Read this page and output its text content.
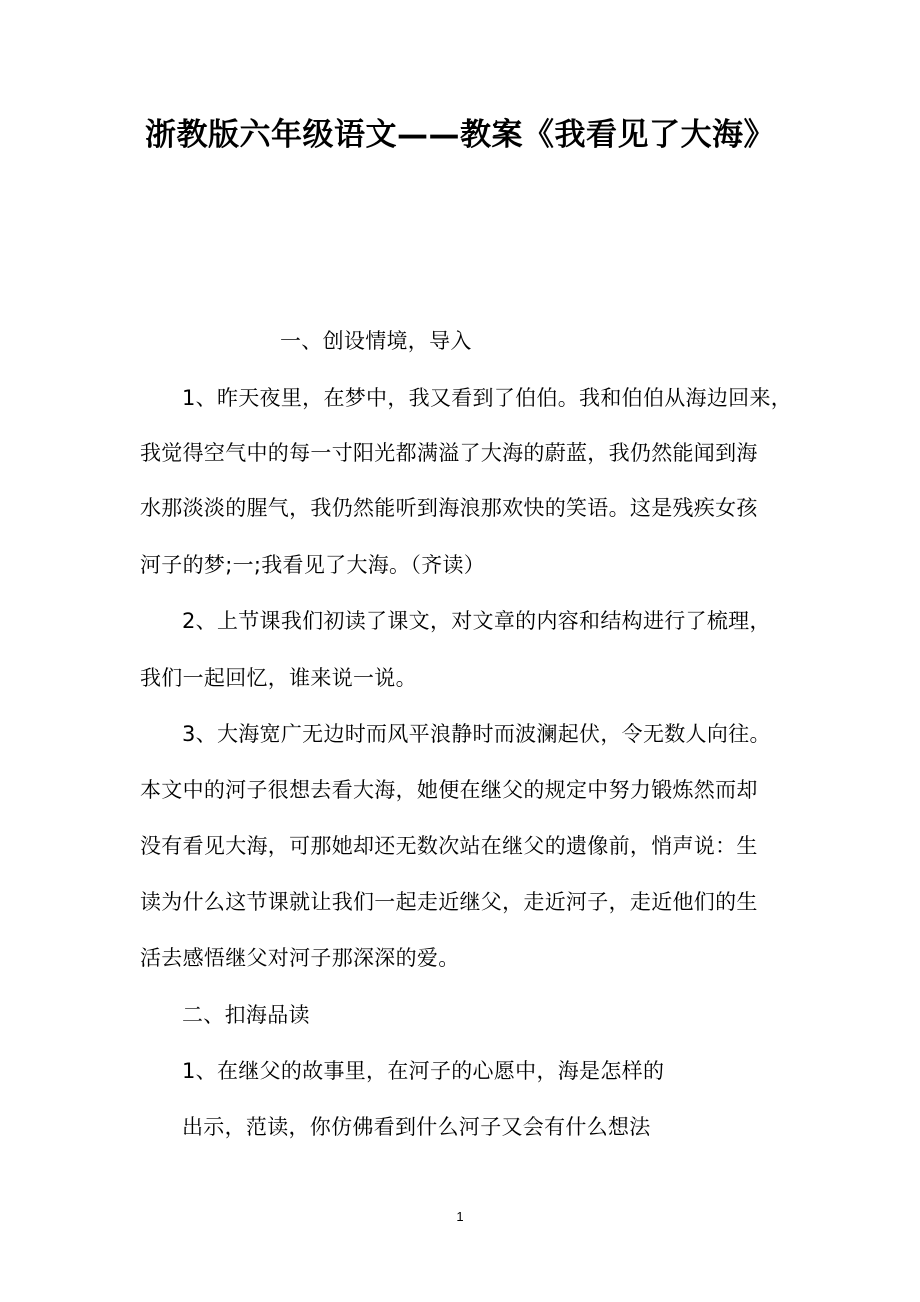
浙教版六年级语文——教案《我看见了大海》

一、创设情境，导入

1、昨天夜里，在梦中，我又看到了伯伯。我和伯伯从海边回来，

我觉得空气中的每一寸阳光都满溢了大海的蔚蓝，我仍然能闻到海

水那淡淡的腥气，我仍然能听到海浪那欢快的笑语。这是残疾女孩

河子的梦;一;我看见了大海。（齐读）

2、上节课我们初读了课文，对文章的内容和结构进行了梳理，

我们一起回忆，谁来说一说。

3、大海宽广无边时而风平浪静时而波澜起伏，令无数人向往。

本文中的河子很想去看大海，她便在继父的规定中努力锻炼然而却

没有看见大海，可那她却还无数次站在继父的遗像前，悄声说：生

读为什么这节课就让我们一起走近继父，走近河子，走近他们的生

活去感悟继父对河子那深深的爱。

二、扣海品读

1、在继父的故事里，在河子的心愿中，海是怎样的

出示，范读，你仿佛看到什么河子又会有什么想法

1
